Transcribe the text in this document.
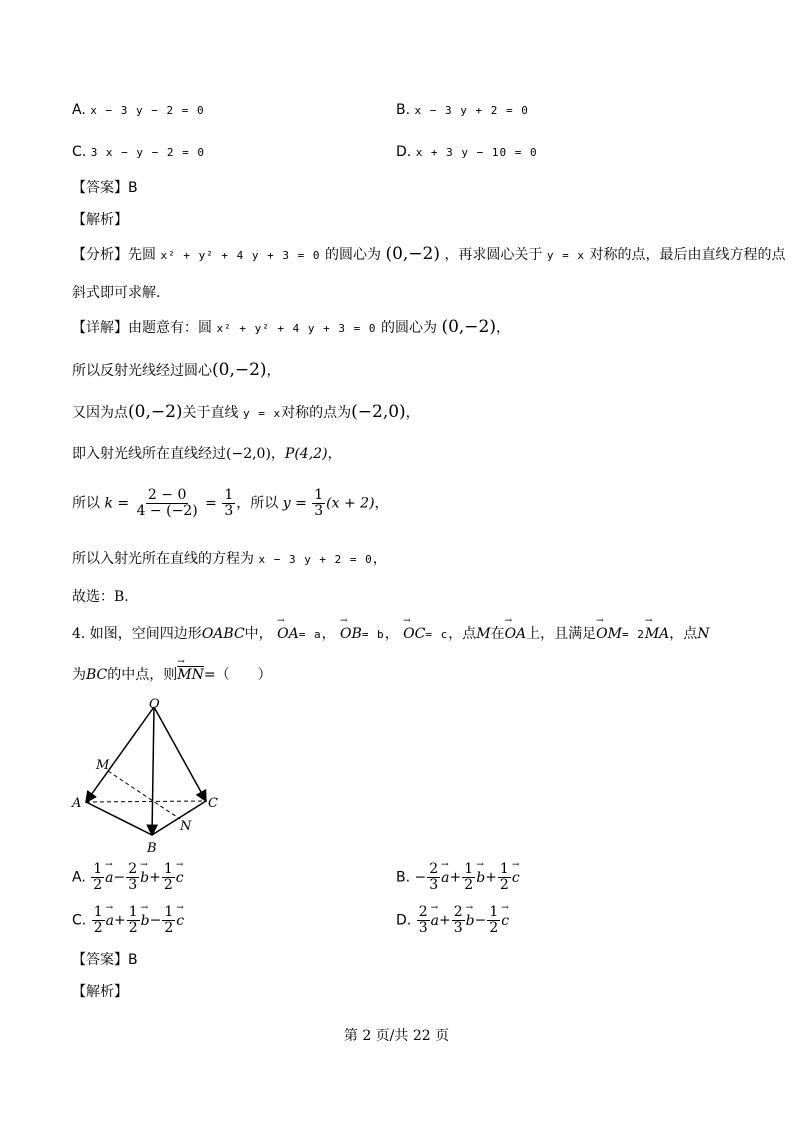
A. x − 3 y − 2 = 0	B. x − 3 y + 2 = 0
C. 3 x − y − 2 = 0	D. x + 3 y − 10 = 0
【答案】B
【解析】
【分析】先圆 x² + y² + 4 y + 3 = 0 的圆心为 (0,−2) ，再求圆心关于 y = x 对称的点，最后由直线方程的点
斜式即可求解.
【详解】由题意有：圆 x² + y² + 4 y + 3 = 0 的圆心为 (0,−2)，
所以反射光线经过圆心(0,−2)，
又因为点(0,−2)关于直线 y = x对称的点为(−2,0)，
即入射光线所在直线经过(−2,0)，P(4,2)，
所以 $k = \frac{2 - 0}{4 - (-2)} = \frac{1}{3}$ ，所以 $y = \frac{1}{3} (x + 2)$，
所以入射光所在直线的方程为 x − 3 y + 2 = 0，
故选：B.
4. 如图，空间四边形OABC中， → OA= a， → OB= b， → OC= c，点M在→ OA上，且满足→ OM= 2→ MA，点N
为BC的中点，则→ $\overline{MN}=$（　　）
O
M
A	C
N
B
A. $\frac{1}{2} \to a- \frac{2}{3} \to b+ \frac{1}{2} \to c$	B. − $\frac{2}{3} \to a+ \frac{1}{2} \to b+ \frac{1}{2} \to c$
C. $\frac{1}{2} \to a+ \frac{1}{2} \to b- \frac{1}{2} \to c$	D. $\frac{2}{3} \to a+ \frac{2}{3} \to b- \frac{1}{2} \to c$
【答案】B
【解析】
第 2 页/共 22 页
